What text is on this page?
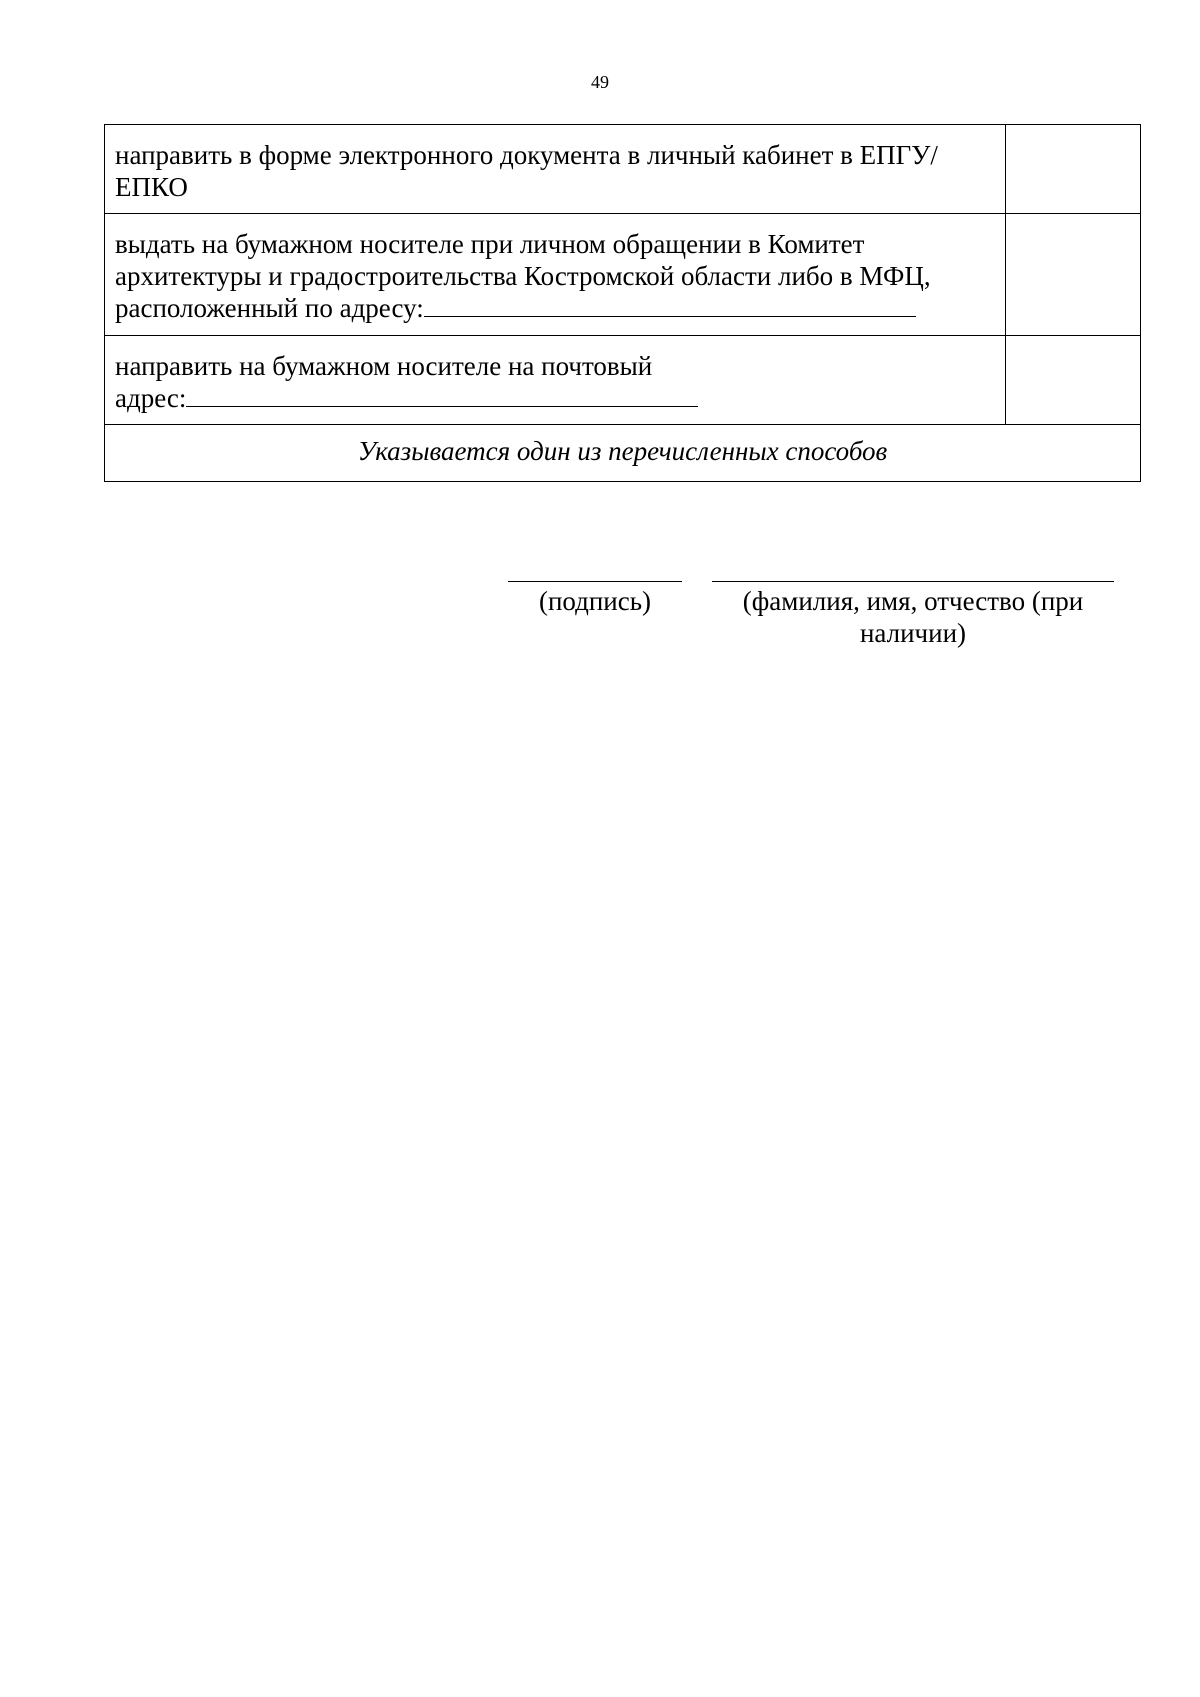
49
направить в форме электронного документа в личный кабинет в ЕПГУ/
ЕПКО	
выдать на бумажном носителе при личном обращении в Комитет
архитектуры и градостроительства Костромской области либо в МФЦ,
расположенный по адресу:	
направить на бумажном носителе на почтовый
адрес:	
Указывается один из перечисленных способов	
(подпись)	(фамилия, имя, отчество (при наличии)
